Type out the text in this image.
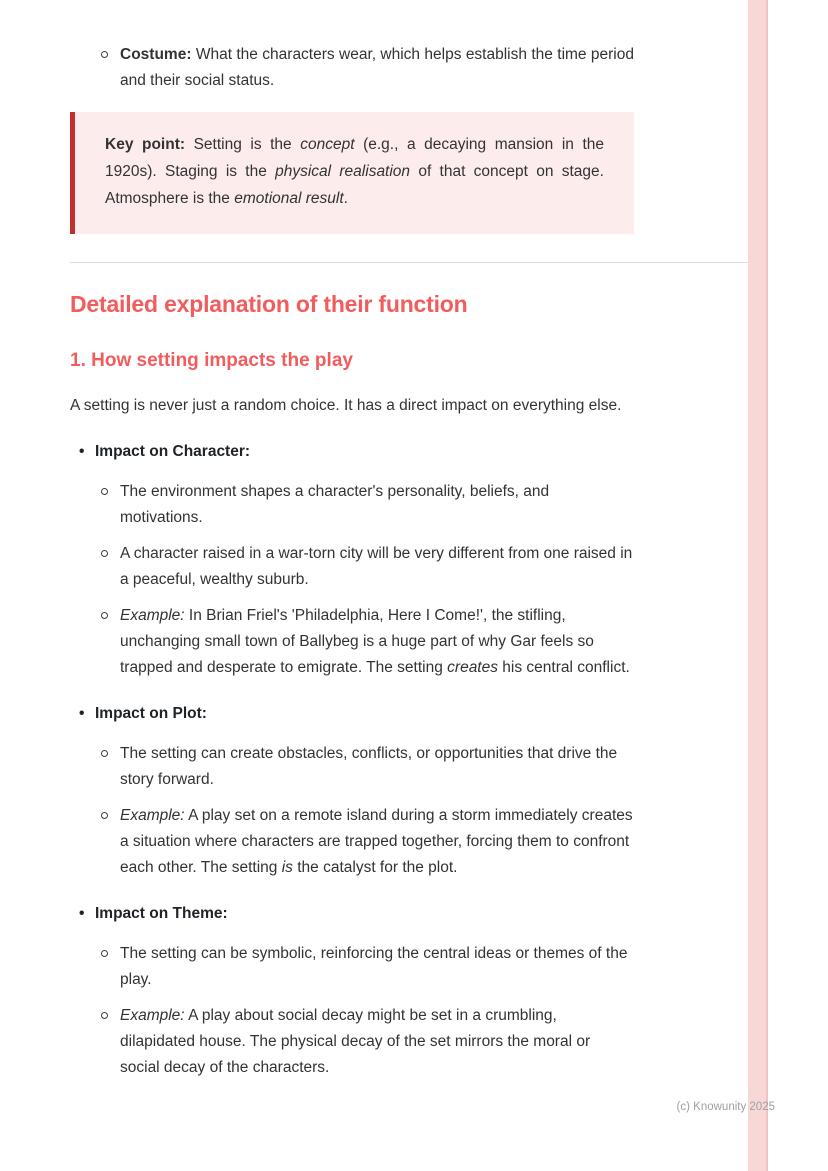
Costume: What the characters wear, which helps establish the time period and their social status.

Key point: Setting is the concept (e.g., a decaying mansion in the 1920s). Staging is the physical realisation of that concept on stage. Atmosphere is the emotional result.

Detailed explanation of their function
1. How setting impacts the play

A setting is never just a random choice. It has a direct impact on everything else.

• Impact on Character:

The environment shapes a character's personality, beliefs, and motivations.

A character raised in a war-torn city will be very different from one raised in a peaceful, wealthy suburb.

Example: In Brian Friel's 'Philadelphia, Here I Come!', the stifling, unchanging small town of Ballybeg is a huge part of why Gar feels so trapped and desperate to emigrate. The setting creates his central conflict.

• Impact on Plot:

The setting can create obstacles, conflicts, or opportunities that drive the story forward.

Example: A play set on a remote island during a storm immediately creates a situation where characters are trapped together, forcing them to confront each other. The setting is the catalyst for the plot.

• Impact on Theme:

The setting can be symbolic, reinforcing the central ideas or themes of the play.

Example: A play about social decay might be set in a crumbling, dilapidated house. The physical decay of the set mirrors the moral or social decay of the characters.

(c) Knowunity 2025
